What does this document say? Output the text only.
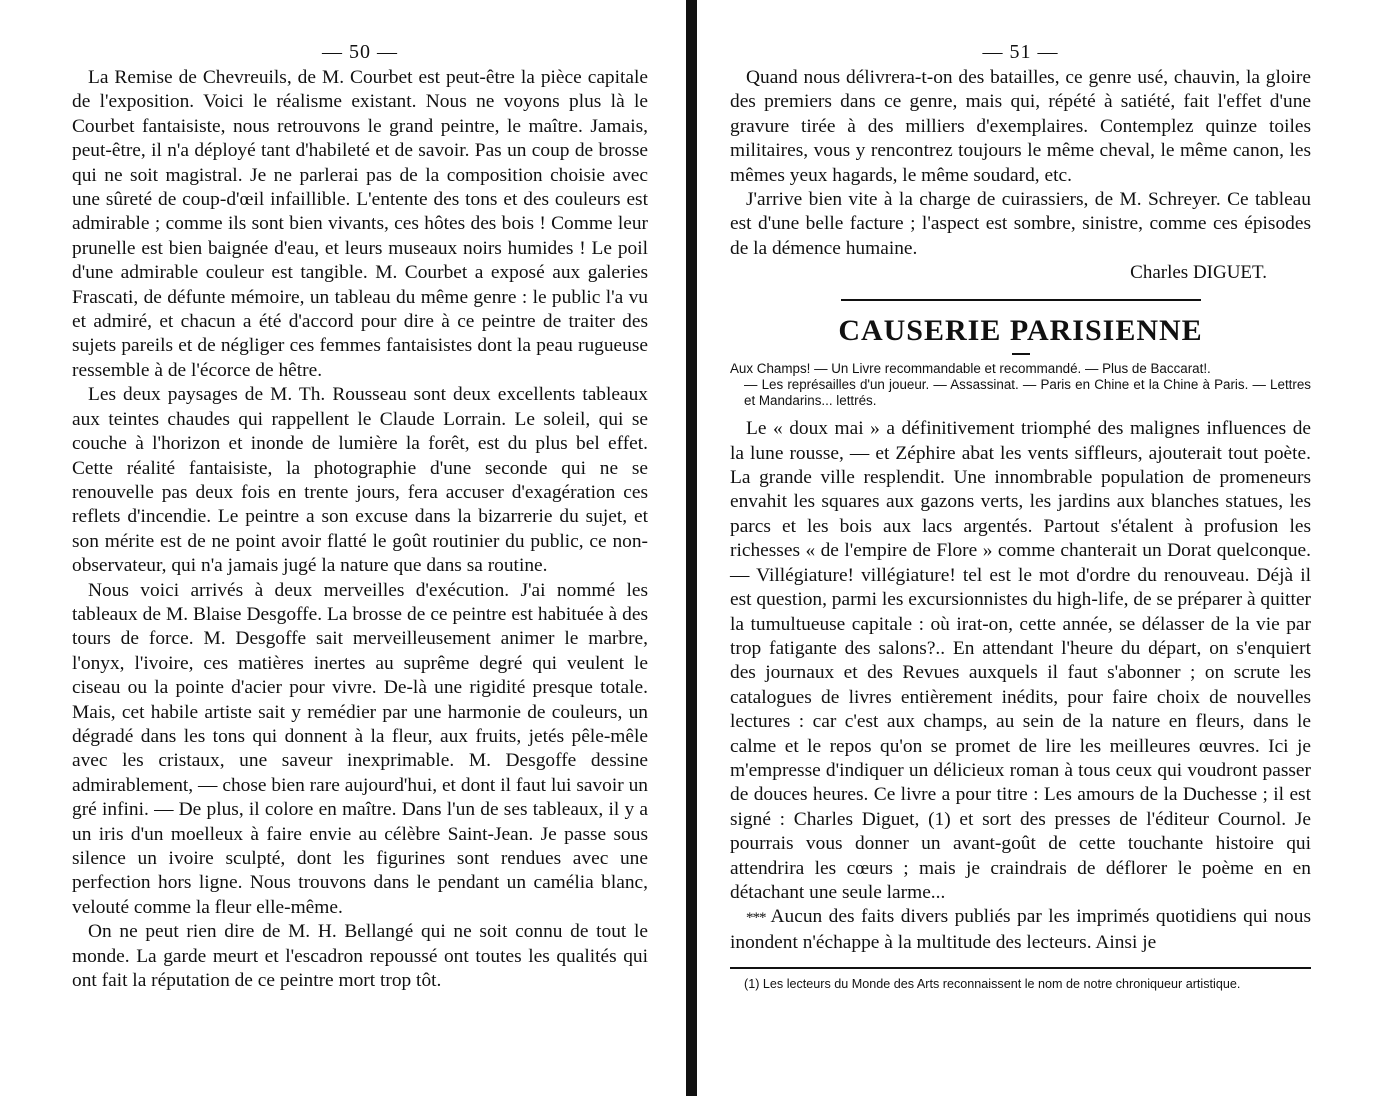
— 50 —

La Remise de Chevreuils, de M. Courbet est peut-être la pièce capitale de l'exposition. Voici le réalisme existant. Nous ne voyons plus là le Courbet fantaisiste, nous retrouvons le grand peintre, le maître. Jamais, peut-être, il n'a déployé tant d'habileté et de savoir. Pas un coup de brosse qui ne soit magistral. Je ne parlerai pas de la composition choisie avec une sûreté de coup-d'œil infaillible. L'entente des tons et des couleurs est admirable ; comme ils sont bien vivants, ces hôtes des bois ! Comme leur prunelle est bien baignée d'eau, et leurs museaux noirs humides ! Le poil d'une admirable couleur est tangible. M. Courbet a exposé aux galeries Frascati, de défunte mémoire, un tableau du même genre : le public l'a vu et admiré, et chacun a été d'accord pour dire à ce peintre de traiter des sujets pareils et de négliger ces femmes fantaisistes dont la peau rugueuse ressemble à de l'écorce de hêtre.

Les deux paysages de M. Th. Rousseau sont deux excellents tableaux aux teintes chaudes qui rappellent le Claude Lorrain. Le soleil, qui se couche à l'horizon et inonde de lumière la forêt, est du plus bel effet. Cette réalité fantaisiste, la photographie d'une seconde qui ne se renouvelle pas deux fois en trente jours, fera accuser d'exagération ces reflets d'incendie. Le peintre a son excuse dans la bizarrerie du sujet, et son mérite est de ne point avoir flatté le goût routinier du public, ce non-observateur, qui n'a jamais jugé la nature que dans sa routine.

Nous voici arrivés à deux merveilles d'exécution. J'ai nommé les tableaux de M. Blaise Desgoffe. La brosse de ce peintre est habituée à des tours de force. M. Desgoffe sait merveilleusement animer le marbre, l'onyx, l'ivoire, ces matières inertes au suprême degré qui veulent le ciseau ou la pointe d'acier pour vivre. De-là une rigidité presque totale. Mais, cet habile artiste sait y remédier par une harmonie de couleurs, un dégradé dans les tons qui donnent à la fleur, aux fruits, jetés pêle-mêle avec les cristaux, une saveur inexprimable. M. Desgoffe dessine admirablement, — chose bien rare aujourd'hui, et dont il faut lui savoir un gré infini. — De plus, il colore en maître. Dans l'un de ses tableaux, il y a un iris d'un moelleux à faire envie au célèbre Saint-Jean. Je passe sous silence un ivoire sculpté, dont les figurines sont rendues avec une perfection hors ligne. Nous trouvons dans le pendant un camélia blanc, velouté comme la fleur elle-même.

On ne peut rien dire de M. H. Bellangé qui ne soit connu de tout le monde. La garde meurt et l'escadron repoussé ont toutes les qualités qui ont fait la réputation de ce peintre mort trop tôt.

— 51 —

Quand nous délivrera-t-on des batailles, ce genre usé, chauvin, la gloire des premiers dans ce genre, mais qui, répété à satiété, fait l'effet d'une gravure tirée à des milliers d'exemplaires. Contemplez quinze toiles militaires, vous y rencontrez toujours le même cheval, le même canon, les mêmes yeux hagards, le même soudard, etc.

J'arrive bien vite à la charge de cuirassiers, de M. Schreyer. Ce tableau est d'une belle facture ; l'aspect est sombre, sinistre, comme ces épisodes de la démence humaine.

Charles DIGUET.
CAUSERIE PARISIENNE
Aux Champs! — Un Livre recommandable et recommandé. — Plus de Baccarat!.
— Les représailles d'un joueur. — Assassinat. — Paris en Chine et la Chine à Paris. — Lettres et Mandarins... lettrés.

Le « doux mai » a définitivement triomphé des malignes influences de la lune rousse, — et Zéphire abat les vents siffleurs, ajouterait tout poète. La grande ville resplendit. Une innombrable population de promeneurs envahit les squares aux gazons verts, les jardins aux blanches statues, les parcs et les bois aux lacs argentés. Partout s'étalent à profusion les richesses « de l'empire de Flore » comme chanterait un Dorat quelconque. — Villégiature! villégiature! tel est le mot d'ordre du renouveau. Déjà il est question, parmi les excursionnistes du high-life, de se préparer à quitter la tumultueuse capitale : où irat-on, cette année, se délasser de la vie par trop fatigante des salons?.. En attendant l'heure du départ, on s'enquiert des journaux et des Revues auxquels il faut s'abonner ; on scrute les catalogues de livres entièrement inédits, pour faire choix de nouvelles lectures : car c'est aux champs, au sein de la nature en fleurs, dans le calme et le repos qu'on se promet de lire les meilleures œuvres. Ici je m'empresse d'indiquer un délicieux roman à tous ceux qui voudront passer de douces heures. Ce livre a pour titre : Les amours de la Duchesse ; il est signé : Charles Diguet, (1) et sort des presses de l'éditeur Cournol. Je pourrais vous donner un avant-goût de cette touchante histoire qui attendrira les cœurs ; mais je craindrais de déflorer le poème en en détachant une seule larme...

* * * Aucun des faits divers publiés par les imprimés quotidiens qui nous inondent n'échappe à la multitude des lecteurs. Ainsi je

(1) Les lecteurs du Monde des Arts reconnaissent le nom de notre chroniqueur artistique.
